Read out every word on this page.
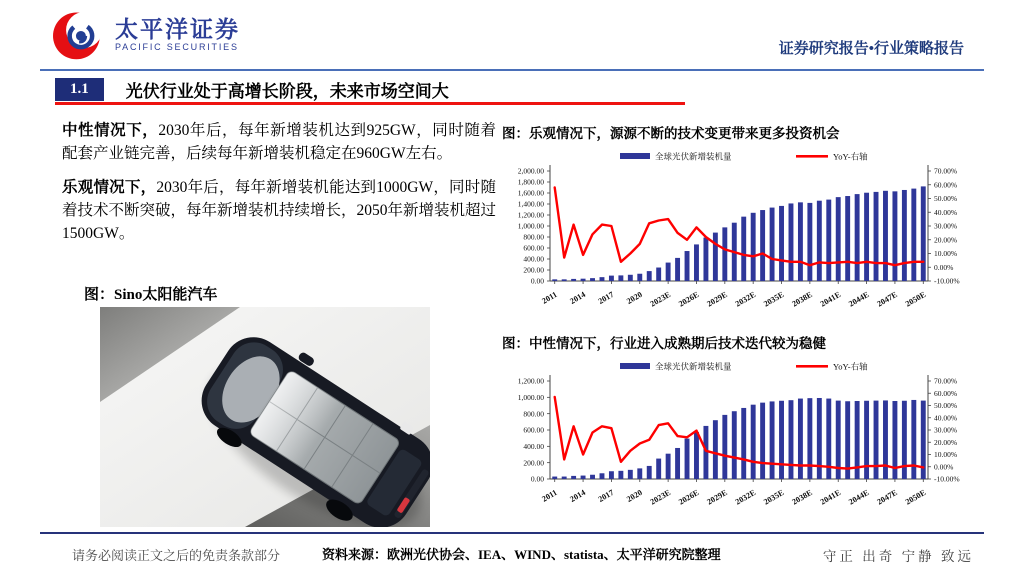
太平洋证券
PACIFIC SECURITIES	证券研究报告•行业策略报告
1.1	光伏行业处于高增长阶段，未来市场空间大

中性情况下，2030年后，每年新增装机达到925GW，同时随着配套产业链完善，后续每年新增装机稳定在960GW左右。

乐观情况下，2030年后，每年新增装机能达到1000GW，同时随着技术不断突破，每年新增装机持续增长，2050年新增装机超过1500GW。

图：Sino太阳能汽车
图：乐观情况下，源源不断的技术变更带来更多投资机会
全球光伏新增装机量	YoY-右轴
0.00
200.00
400.00
600.00
800.00
1,000.00
1,200.00
1,400.00
1,600.00
1,800.00
2,000.00
-10.00%
0.00%
10.00%
20.00%
30.00%
40.00%
50.00%
60.00%
70.00%
2011 2014 2017 2020 2023E 2026E 2029E 2032E 2035E 2038E 2041E 2044E 2047E 2050E
图：中性情况下，行业进入成熟期后技术迭代较为稳健
全球光伏新增装机量	YoY-右轴
0.00
200.00
400.00
600.00
800.00
1,000.00
1,200.00
-10.00%
0.00%
10.00%
20.00%
30.00%
40.00%
50.00%
60.00%
70.00%
2011 2014 2017 2020 2023E 2026E 2029E 2032E 2035E 2038E 2041E 2044E 2047E 2050E
请务必阅读正文之后的免责条款部分	资料来源：欧洲光伏协会、IEA、WIND、statista、太平洋研究院整理	守正 出奇 宁静 致远
